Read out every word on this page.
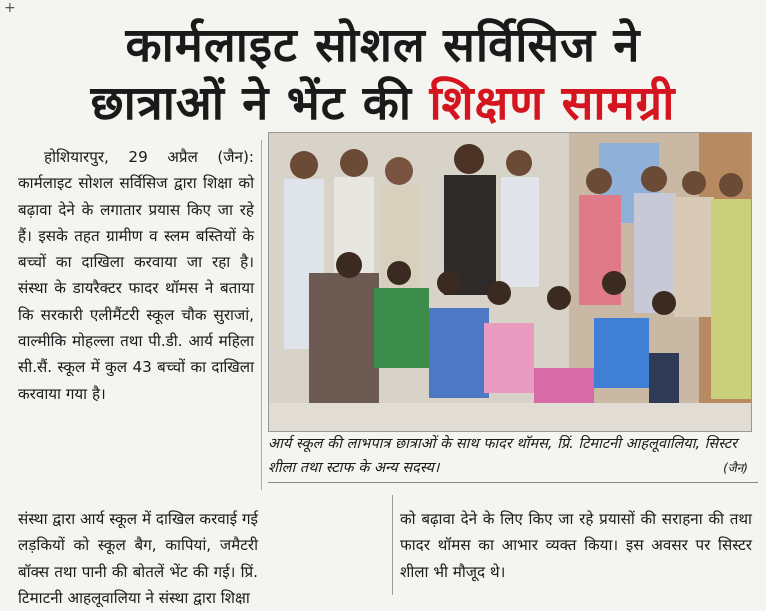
+
कार्मलाइट सोशल सर्विसिज ने
छात्राओं ने भेंट की शिक्षण सामग्री

होशियारपुर, 29 अप्रैल (जैन): कार्मलाइट सोशल सर्विसिज द्वारा शिक्षा को बढ़ावा देने के लगातार प्रयास किए जा रहे हैं। इसके तहत ग्रामीण व स्लम बस्तियों के बच्चों का दाखिला करवाया जा रहा है। संस्था के डायरैक्टर फादर थॉमस ने बताया कि सरकारी एलीमैंटरी स्कूल चौक सुराजां, वाल्मीकि मोहल्ला तथा पी.डी. आर्य महिला सी.सैं. स्कूल में कुल 43 बच्चों का दाखिला करवाया गया है।

आर्य स्कूल की लाभपात्र छात्राओं के साथ फादर थॉमस, प्रिं. टिमाटनी आहलूवालिया, सिस्टर शीला तथा स्टाफ के अन्य सदस्य।	(जैन)
संस्था द्वारा आर्य स्कूल में दाखिल करवाई गई लड़कियों को स्कूल बैग, कापियां, जमैटरी बॉक्स तथा पानी की बोतलें भेंट की गई। प्रिं. टिमाटनी आहलूवालिया ने संस्था द्वारा शिक्षा
को बढ़ावा देने के लिए किए जा रहे प्रयासों की सराहना की तथा फादर थॉमस का आभार व्यक्त किया। इस अवसर पर सिस्टर शीला भी मौजूद थे।
